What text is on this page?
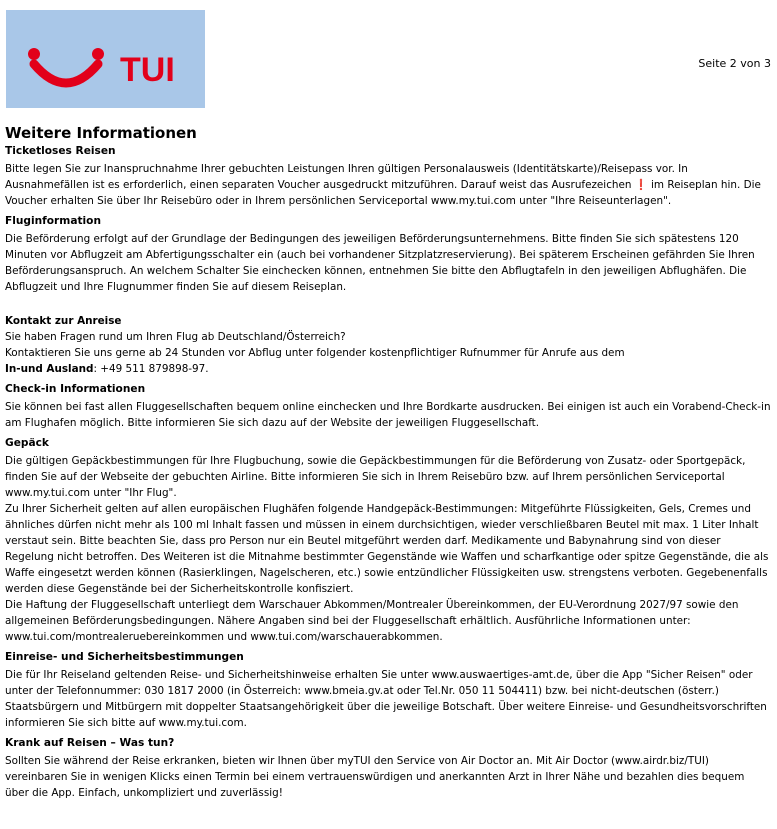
TUI	Seite 2 von 3
Weitere Informationen
Ticketloses Reisen

Bitte legen Sie zur Inanspruchnahme Ihrer gebuchten Leistungen Ihren gültigen Personalausweis (Identitätskarte)/Reisepass vor. In Ausnahmefällen ist es erforderlich, einen separaten Voucher ausgedruckt mitzuführen. Darauf weist das Ausrufezeichen ❗ im Reiseplan hin. Die Voucher erhalten Sie über Ihr Reisebüro oder in Ihrem persönlichen Serviceportal www.my.tui.com unter "Ihre Reiseunterlagen".

Fluginformation

Die Beförderung erfolgt auf der Grundlage der Bedingungen des jeweiligen Beförderungsunternehmens. Bitte finden Sie sich spätestens 120 Minuten vor Abflugzeit am Abfertigungsschalter ein (auch bei vorhandener Sitzplatzreservierung). Bei späterem Erscheinen gefährden Sie Ihren Beförderungsanspruch. An welchem Schalter Sie einchecken können, entnehmen Sie bitte den Abflugtafeln in den jeweiligen Abflughäfen. Die Abflugzeit und Ihre Flugnummer finden Sie auf diesem Reiseplan.

Kontakt zur Anreise

Sie haben Fragen rund um Ihren Flug ab Deutschland/Österreich?

Kontaktieren Sie uns gerne ab 24 Stunden vor Abflug unter folgender kostenpflichtiger Rufnummer für Anrufe aus dem

In-und Ausland: +49 511 879898-97.

Check-in Informationen

Sie können bei fast allen Fluggesellschaften bequem online einchecken und Ihre Bordkarte ausdrucken. Bei einigen ist auch ein Vorabend-Check-in am Flughafen möglich. Bitte informieren Sie sich dazu auf der Website der jeweiligen Fluggesellschaft.

Gepäck

Die gültigen Gepäckbestimmungen für Ihre Flugbuchung, sowie die Gepäckbestimmungen für die Beförderung von Zusatz- oder Sportgepäck, finden Sie auf der Webseite der gebuchten Airline. Bitte informieren Sie sich in Ihrem Reisebüro bzw. auf Ihrem persönlichen Serviceportal www.my.tui.com unter "Ihr Flug".

Zu Ihrer Sicherheit gelten auf allen europäischen Flughäfen folgende Handgepäck-Bestimmungen: Mitgeführte Flüssigkeiten, Gels, Cremes und ähnliches dürfen nicht mehr als 100 ml Inhalt fassen und müssen in einem durchsichtigen, wieder verschließbaren Beutel mit max. 1 Liter Inhalt verstaut sein. Bitte beachten Sie, dass pro Person nur ein Beutel mitgeführt werden darf. Medikamente und Babynahrung sind von dieser Regelung nicht betroffen. Des Weiteren ist die Mitnahme bestimmter Gegenstände wie Waffen und scharfkantige oder spitze Gegenstände, die als Waffe eingesetzt werden können (Rasierklingen, Nagelscheren, etc.) sowie entzündlicher Flüssigkeiten usw. strengstens verboten. Gegebenenfalls werden diese Gegenstände bei der Sicherheitskontrolle konfisziert.

Die Haftung der Fluggesellschaft unterliegt dem Warschauer Abkommen/Montrealer Übereinkommen, der EU-Verordnung 2027/97 sowie den allgemeinen Beförderungsbedingungen. Nähere Angaben sind bei der Fluggesellschaft erhältlich. Ausführliche Informationen unter: www.tui.com/montrealeruebereinkommen und www.tui.com/warschauerabkommen.

Einreise- und Sicherheitsbestimmungen

Die für Ihr Reiseland geltenden Reise- und Sicherheitshinweise erhalten Sie unter www.auswaertiges-amt.de, über die App "Sicher Reisen" oder unter der Telefonnummer: 030 1817 2000 (in Österreich: www.bmeia.gv.at oder Tel.Nr. 050 11 504411) bzw. bei nicht-deutschen (österr.) Staatsbürgern und Mitbürgern mit doppelter Staatsangehörigkeit über die jeweilige Botschaft. Über weitere Einreise- und Gesundheitsvorschriften informieren Sie sich bitte auf www.my.tui.com.

Krank auf Reisen – Was tun?

Sollten Sie während der Reise erkranken, bieten wir Ihnen über myTUI den Service von Air Doctor an. Mit Air Doctor (www.airdr.biz/TUI) vereinbaren Sie in wenigen Klicks einen Termin bei einem vertrauenswürdigen und anerkannten Arzt in Ihrer Nähe und bezahlen dies bequem über die App. Einfach, unkompliziert und zuverlässig!
